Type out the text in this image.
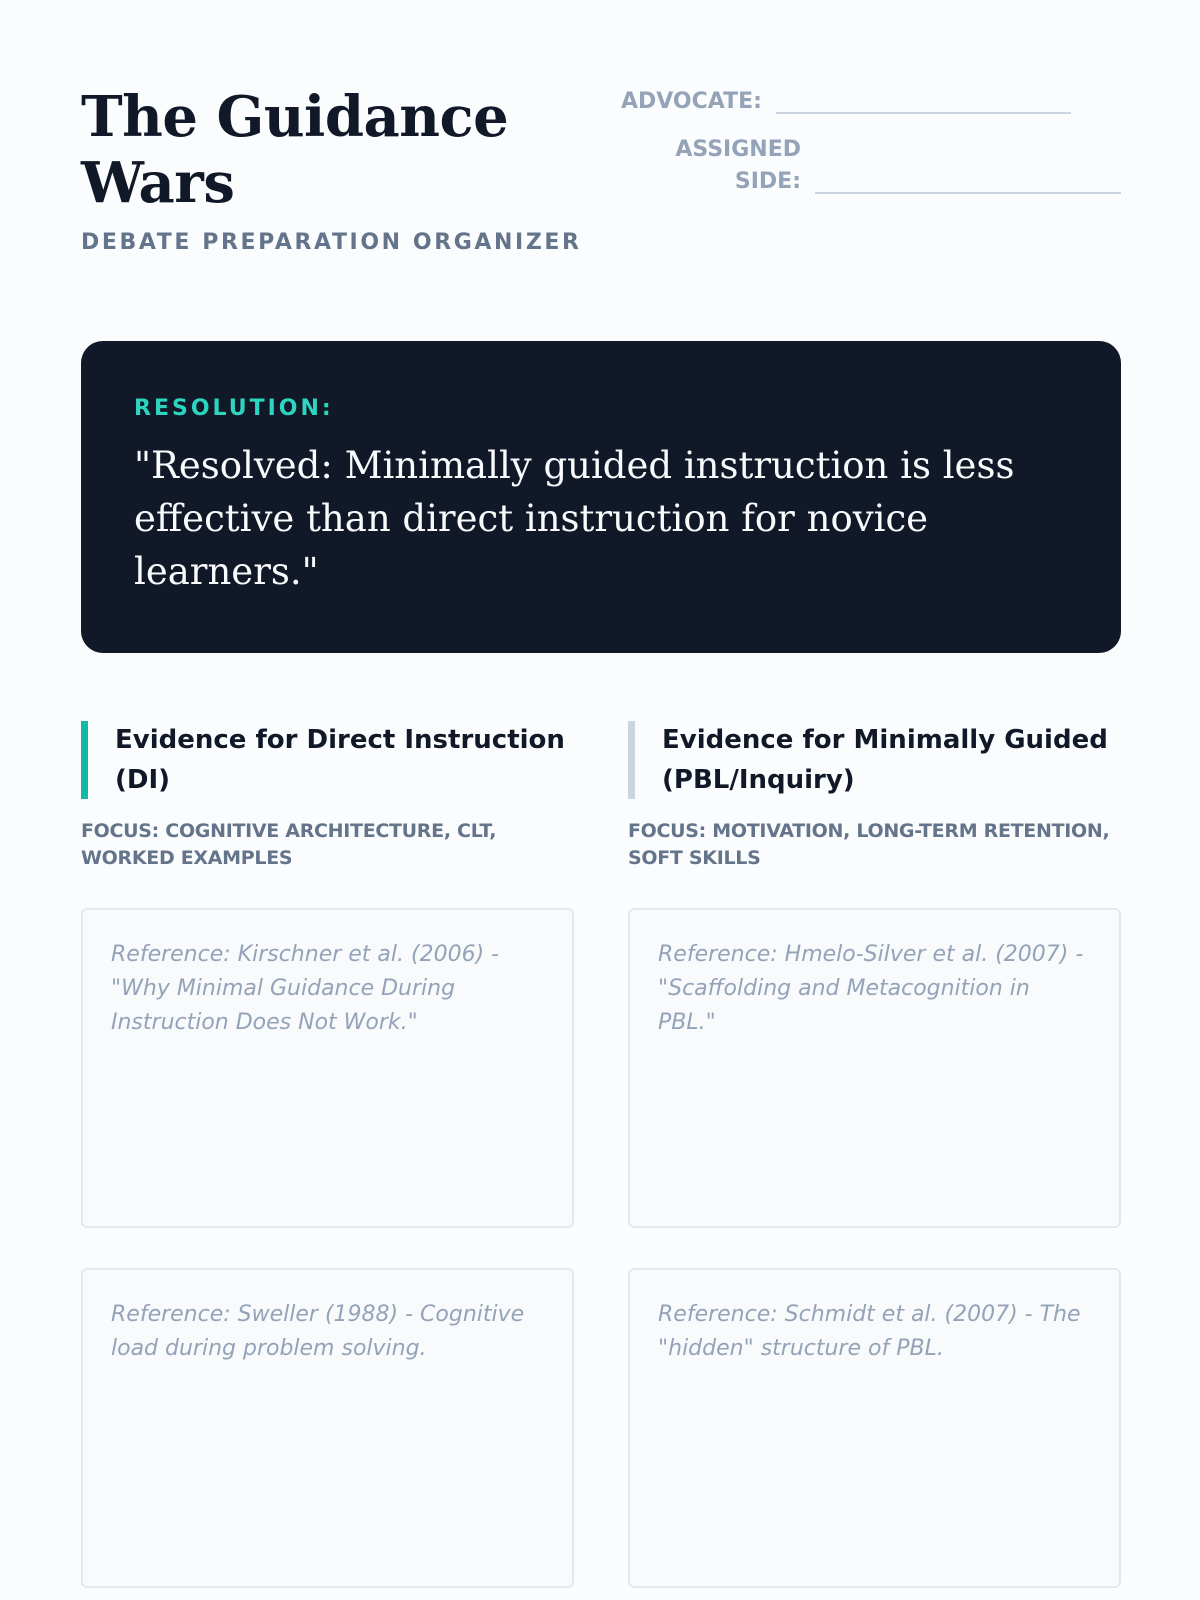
The Guidance Wars
DEBATE PREPARATION ORGANIZER
ADVOCATE:
ASSIGNED SIDE:
RESOLUTION:
"Resolved: Minimally guided instruction is less effective than direct instruction for novice learners."
Evidence for Direct Instruction (DI)
FOCUS: COGNITIVE ARCHITECTURE, CLT, WORKED EXAMPLES
Reference: Kirschner et al. (2006) - "Why Minimal Guidance During Instruction Does Not Work."
Reference: Sweller (1988) - Cognitive load during problem solving.
Evidence for Minimally Guided (PBL/Inquiry)
FOCUS: MOTIVATION, LONG-TERM RETENTION, SOFT SKILLS
Reference: Hmelo-Silver et al. (2007) - "Scaffolding and Metacognition in PBL."
Reference: Schmidt et al. (2007) - The "hidden" structure of PBL.
